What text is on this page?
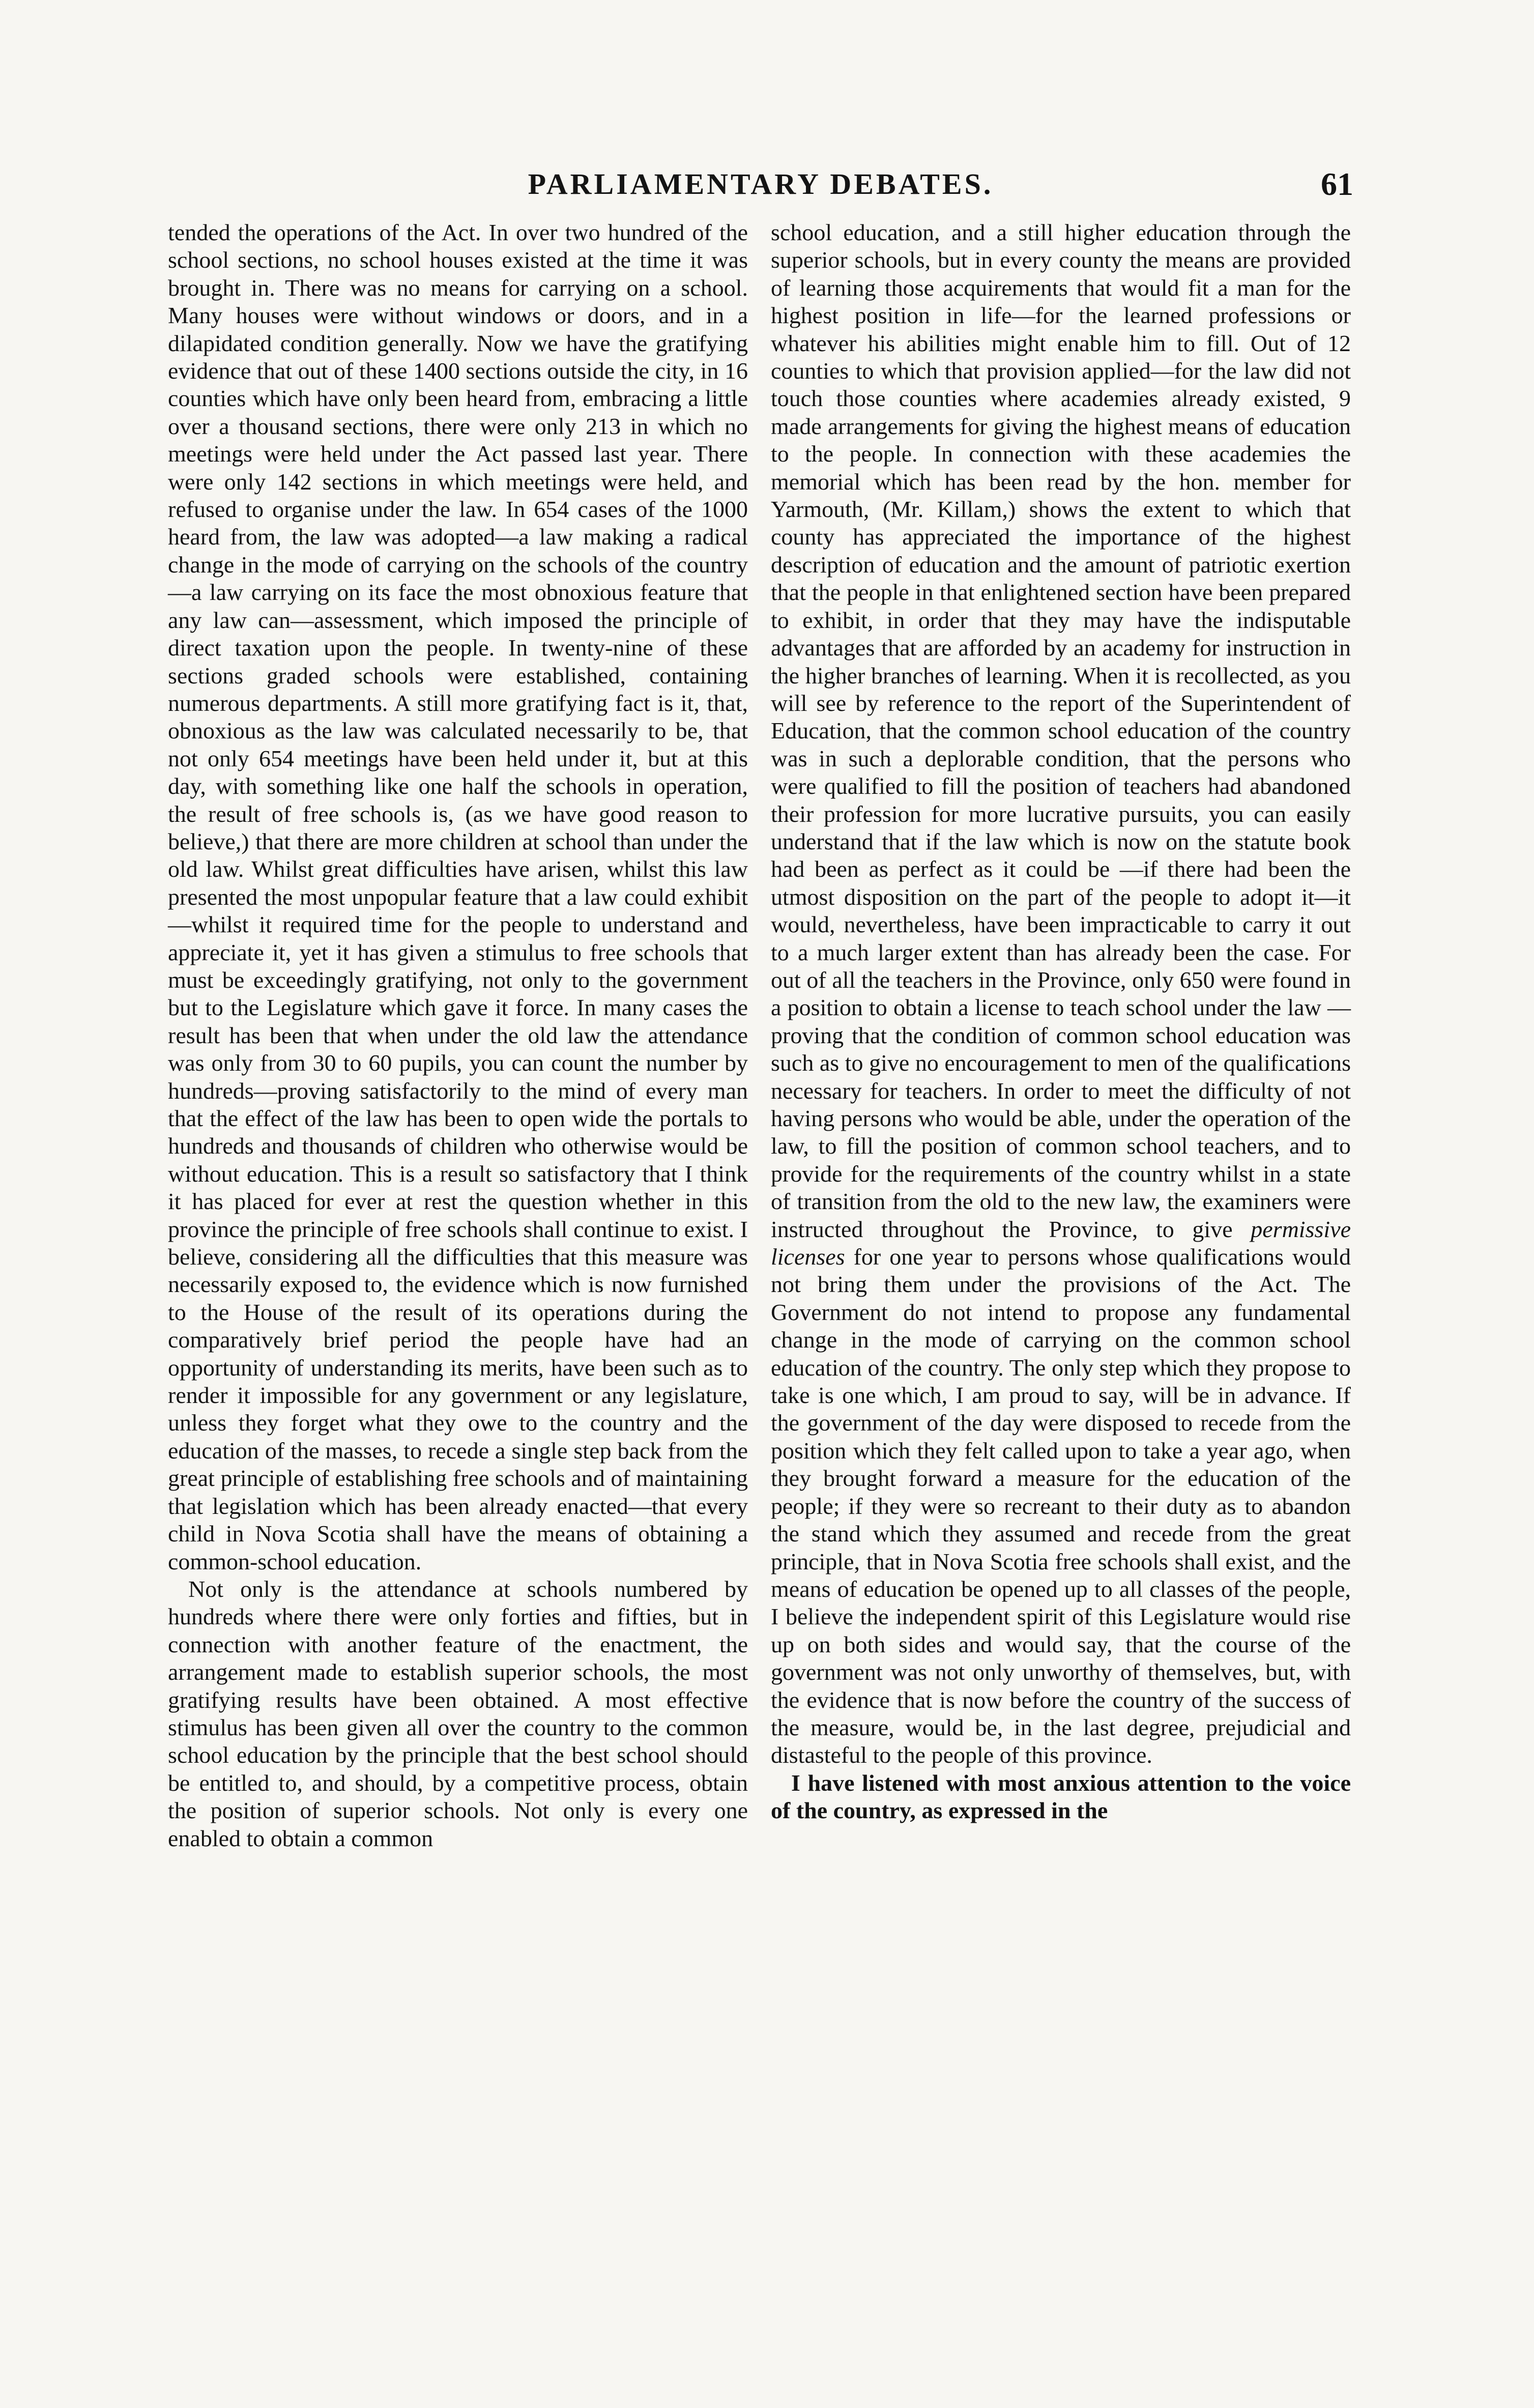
PARLIAMENTARY DEBATES.	61

tended the operations of the Act. In over two hundred of the school sections, no school houses existed at the time it was brought in. There was no means for carrying on a school. Many houses were without windows or doors, and in a dilapidated condition generally. Now we have the gratifying evidence that out of these 1400 sections outside the city, in 16 counties which have only been heard from, embracing a little over a thousand sections, there were only 213 in which no meetings were held under the Act passed last year. There were only 142 sections in which meetings were held, and refused to organise under the law. In 654 cases of the 1000 heard from, the law was adopted—a law making a radical change in the mode of carrying on the schools of the country—a law carrying on its face the most obnoxious feature that any law can—assessment, which imposed the principle of direct taxation upon the people. In twenty-nine of these sections graded schools were established, containing numerous departments. A still more gratifying fact is it, that, obnoxious as the law was calculated necessarily to be, that not only 654 meetings have been held under it, but at this day, with something like one half the schools in operation, the result of free schools is, (as we have good reason to believe,) that there are more children at school than under the old law. Whilst great difficulties have arisen, whilst this law presented the most unpopular feature that a law could exhibit—whilst it required time for the people to understand and appreciate it, yet it has given a stimulus to free schools that must be exceedingly gratifying, not only to the government but to the Legislature which gave it force. In many cases the result has been that when under the old law the attendance was only from 30 to 60 pupils, you can count the number by hundreds—proving satisfactorily to the mind of every man that the effect of the law has been to open wide the portals to hundreds and thousands of children who otherwise would be without education. This is a result so satisfactory that I think it has placed for ever at rest the question whether in this province the principle of free schools shall continue to exist. I believe, considering all the difficulties that this measure was necessarily exposed to, the evidence which is now furnished to the House of the result of its operations during the comparatively brief period the people have had an opportunity of understanding its merits, have been such as to render it impossible for any government or any legislature, unless they forget what they owe to the country and the education of the masses, to recede a single step back from the great principle of establishing free schools and of maintaining that legislation which has been already enacted—that every child in Nova Scotia shall have the means of obtaining a common-school education.

Not only is the attendance at schools numbered by hundreds where there were only forties and fifties, but in connection with another feature of the enactment, the arrangement made to establish superior schools, the most gratifying results have been obtained. A most effective stimulus has been given all over the country to the common school education by the principle that the best school should be entitled to, and should, by a competitive process, obtain the position of superior schools. Not only is every one enabled to obtain a common

school education, and a still higher education through the superior schools, but in every county the means are provided of learning those acquirements that would fit a man for the highest position in life—for the learned professions or whatever his abilities might enable him to fill. Out of 12 counties to which that provision applied—for the law did not touch those counties where academies already existed, 9 made arrangements for giving the highest means of education to the people. In connection with these academies the memorial which has been read by the hon. member for Yarmouth, (Mr. Killam,) shows the extent to which that county has appreciated the importance of the highest description of education and the amount of patriotic exertion that the people in that enlightened section have been prepared to exhibit, in order that they may have the indisputable advantages that are afforded by an academy for instruction in the higher branches of learning. When it is recollected, as you will see by reference to the report of the Superintendent of Education, that the common school education of the country was in such a deplorable condition, that the persons who were qualified to fill the position of teachers had abandoned their profession for more lucrative pursuits, you can easily understand that if the law which is now on the statute book had been as perfect as it could be —if there had been the utmost disposition on the part of the people to adopt it—it would, nevertheless, have been impracticable to carry it out to a much larger extent than has already been the case. For out of all the teachers in the Province, only 650 were found in a position to obtain a license to teach school under the law —proving that the condition of common school education was such as to give no encouragement to men of the qualifications necessary for teachers. In order to meet the difficulty of not having persons who would be able, under the operation of the law, to fill the position of common school teachers, and to provide for the requirements of the country whilst in a state of transition from the old to the new law, the examiners were instructed throughout the Province, to give permissive licenses for one year to persons whose qualifications would not bring them under the provisions of the Act. The Government do not intend to propose any fundamental change in the mode of carrying on the common school education of the country. The only step which they propose to take is one which, I am proud to say, will be in advance. If the government of the day were disposed to recede from the position which they felt called upon to take a year ago, when they brought forward a measure for the education of the people; if they were so recreant to their duty as to abandon the stand which they assumed and recede from the great principle, that in Nova Scotia free schools shall exist, and the means of education be opened up to all classes of the people, I believe the independent spirit of this Legislature would rise up on both sides and would say, that the course of the government was not only unworthy of themselves, but, with the evidence that is now before the country of the success of the measure, would be, in the last degree, prejudicial and distasteful to the people of this province.

I have listened with most anxious attention to the voice of the country, as expressed in the
